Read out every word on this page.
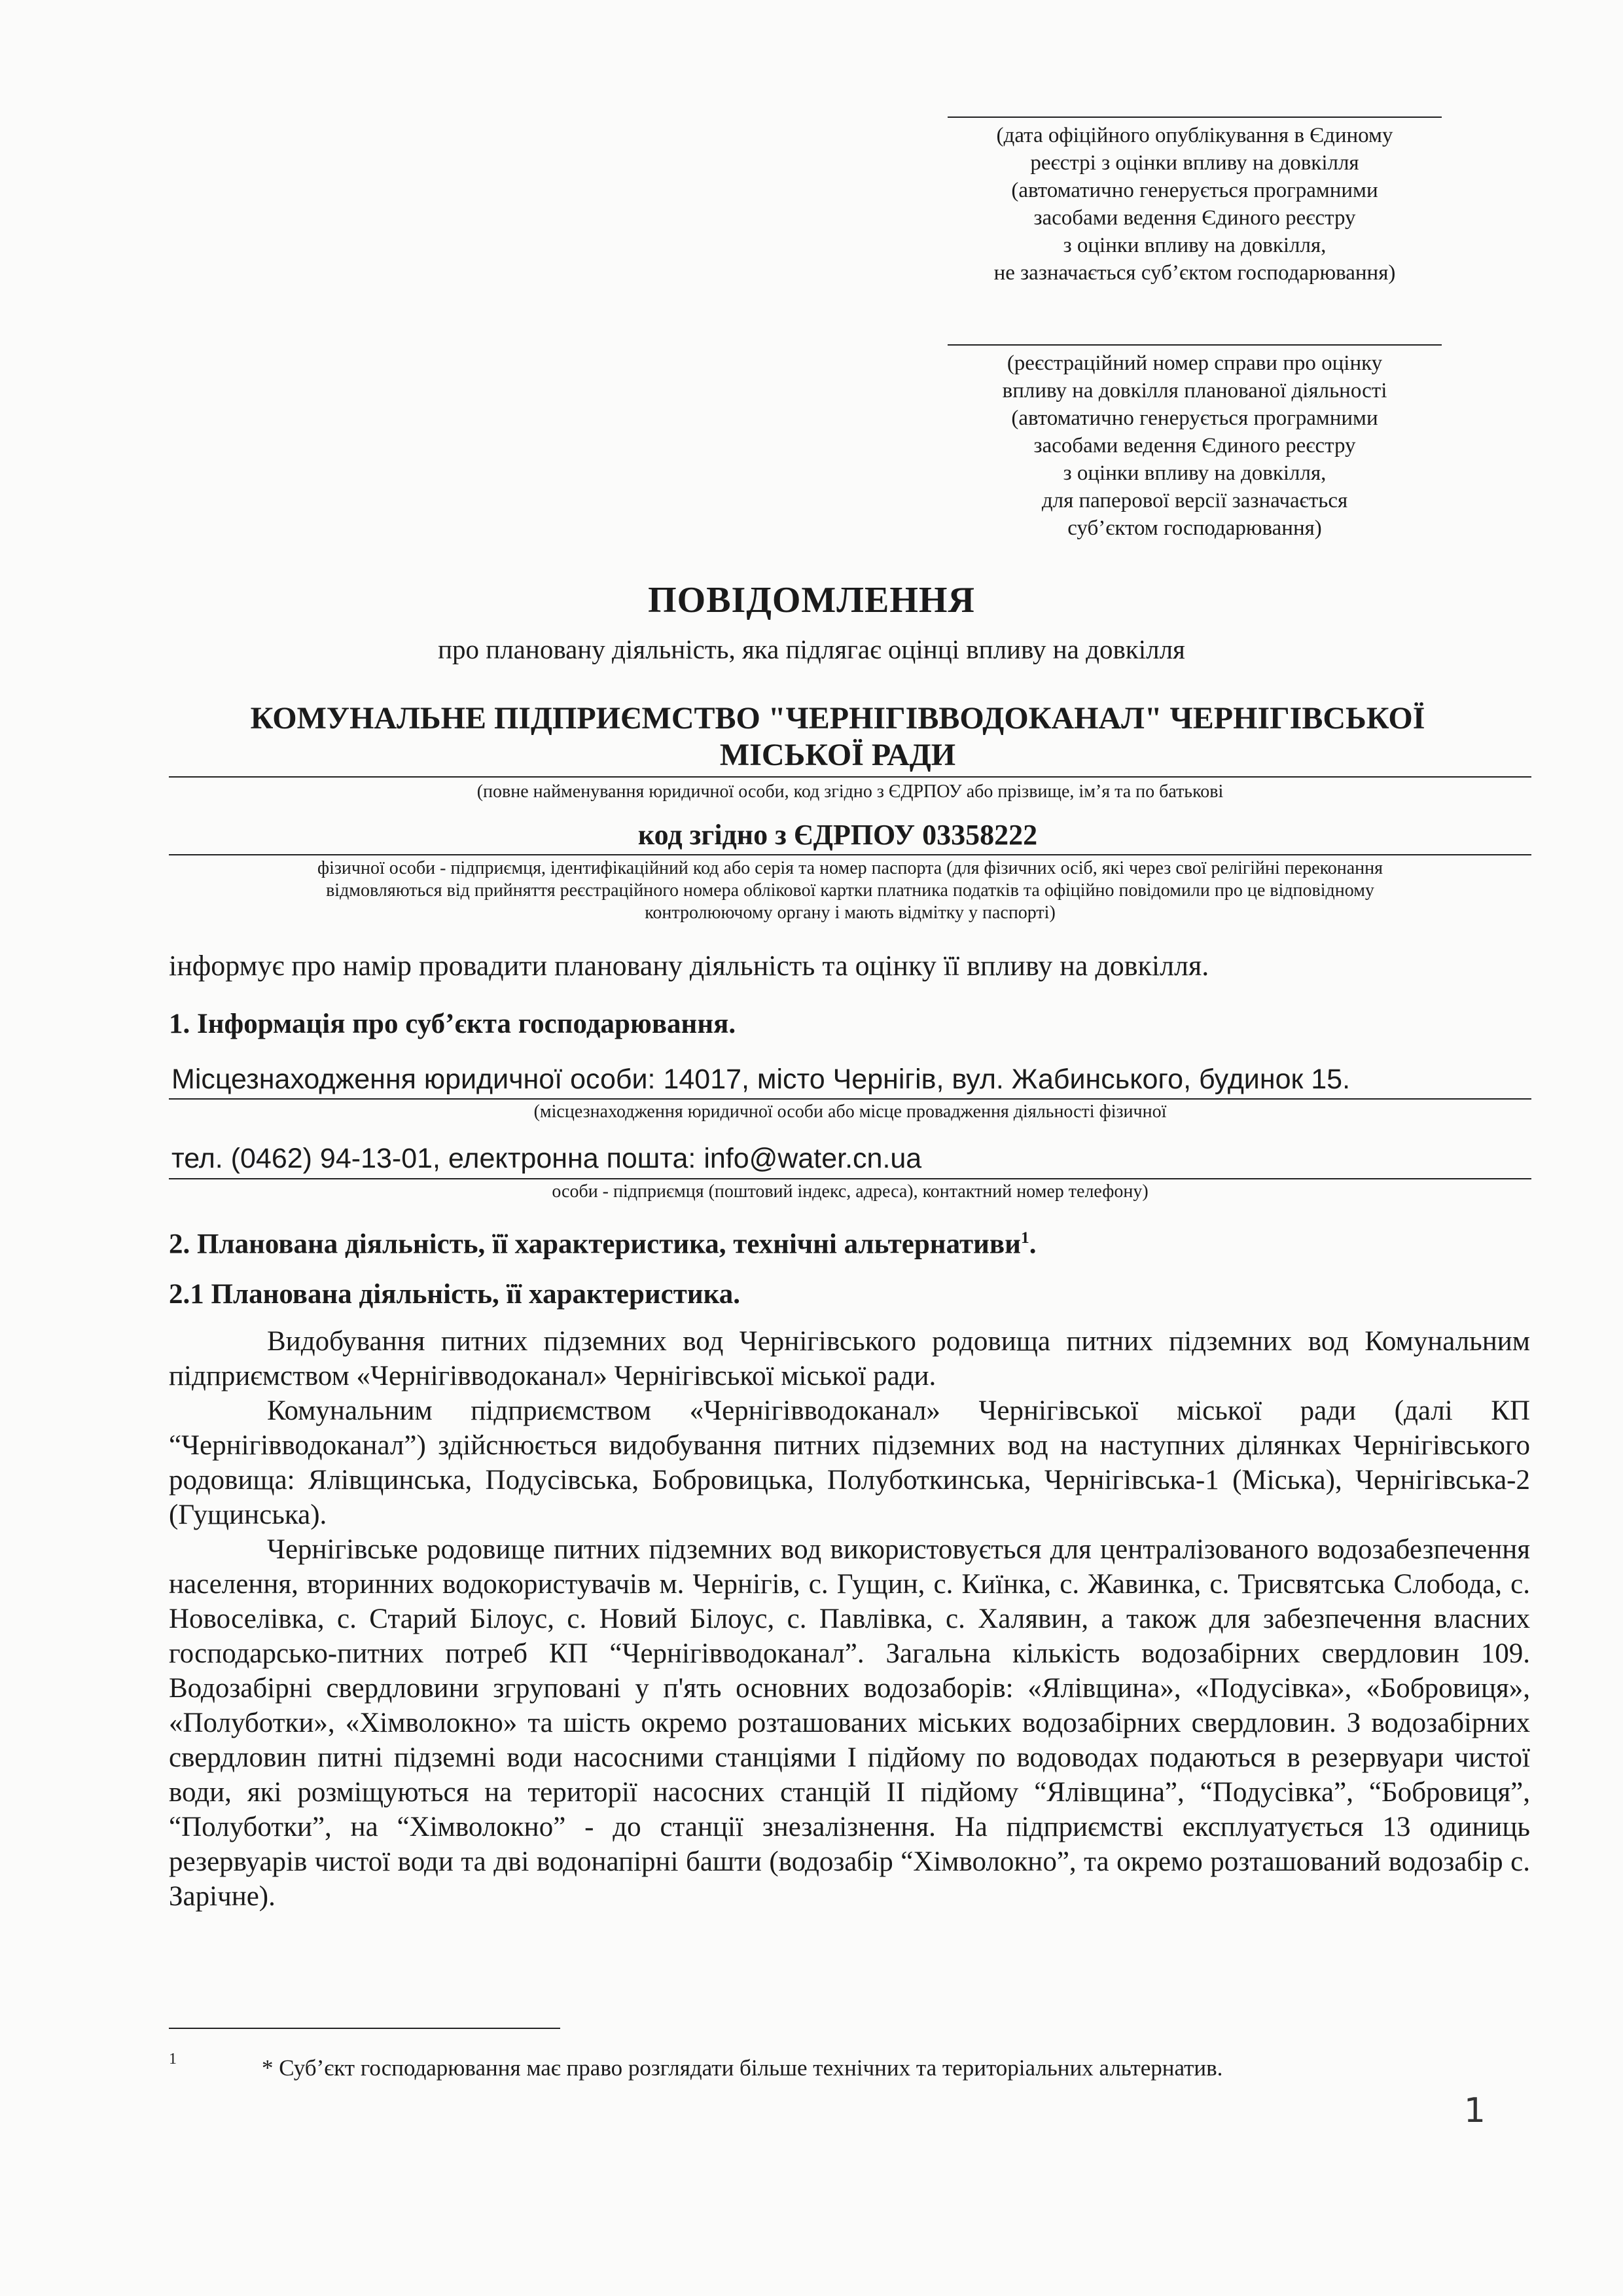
(дата офіційного опублікування в Єдиному
реєстрі з оцінки впливу на довкілля
(автоматично генерується програмними
засобами ведення Єдиного реєстру
з оцінки впливу на довкілля,
не зазначається суб’єктом господарювання)
(реєстраційний номер справи про оцінку
впливу на довкілля планованої діяльності
(автоматично генерується програмними
засобами ведення Єдиного реєстру
з оцінки впливу на довкілля,
для паперової версії зазначається
суб’єктом господарювання)
ПОВІДОМЛЕННЯ
про плановану діяльність, яка підлягає оцінці впливу на довкілля
КОМУНАЛЬНЕ ПІДПРИЄМСТВО "ЧЕРНІГІВВОДОКАНАЛ" ЧЕРНІГІВСЬКОЇ
МІСЬКОЇ РАДИ
(повне найменування юридичної особи, код згідно з ЄДРПОУ або прізвище, ім’я та по батькові
код згідно з ЄДРПОУ 03358222
фізичної особи - підприємця, ідентифікаційний код або серія та номер паспорта (для фізичних осіб, які через свої релігійні переконання
відмовляються від прийняття реєстраційного номера облікової картки платника податків та офіційно повідомили про це відповідному
контролюючому органу і мають відмітку у паспорті)
інформує про намір провадити плановану діяльність та оцінку її впливу на довкілля.
1. Інформація про суб’єкта господарювання.
Місцезнаходження юридичної особи: 14017, місто Чернігів, вул. Жабинського, будинок 15.
(місцезнаходження юридичної особи або місце провадження діяльності фізичної
тел. (0462) 94-13-01, електронна пошта: info@water.cn.ua
особи - підприємця (поштовий індекс, адреса), контактний номер телефону)
2. Планована діяльність, її характеристика, технічні альтернативи$^1$.
2.1 Планована діяльність, її характеристика.

Видобування питних підземних вод Чернігівського родовища питних підземних вод Комунальним підприємством «Чернігівводоканал» Чернігівської міської ради.

Комунальним підприємством «Чернігівводоканал» Чернігівської міської ради (далі КП “Чернігівводоканал”) здійснюється видобування питних підземних вод на наступних ділянках Чернігівського родовища: Ялівщинська, Подусівська, Бобровицька, Полуботкинська, Чернігівська-1 (Міська), Чернігівська-2 (Гущинська).

Чернігівське родовище питних підземних вод використовується для централізованого водозабезпечення населення, вторинних водокористувачів м. Чернігів, с. Гущин, с. Киїнка, с. Жавинка, с. Трисвятська Слобода, с. Новоселівка, с. Старий Білоус, с. Новий Білоус, с. Павлівка, с. Халявин, а також для забезпечення власних господарсько-питних потреб КП “Чернігівводоканал”. Загальна кількість водозабірних свердловин 109. Водозабірні свердловини згруповані у п'ять основних водозаборів: «Ялівщина», «Подусівка», «Бобровиця», «Полуботки», «Хімволокно» та шість окремо розташованих міських водозабірних свердловин. З водозабірних свердловин питні підземні води насосними станціями І підйому по водоводах подаються в резервуари чистої води, які розміщуються на території насосних станцій ІІ підйому “Ялівщина”, “Подусівка”, “Бобровиця”, “Полуботки”, на “Хімволокно” - до станції знезалізнення. На підприємстві експлуатується 13 одиниць резервуарів чистої води та дві водонапірні башти (водозабір “Хімволокно”, та окремо розташований водозабір с. Зарічне).

1	* Суб’єкт господарювання має право розглядати більше технічних та територіальних альтернатив.
1
